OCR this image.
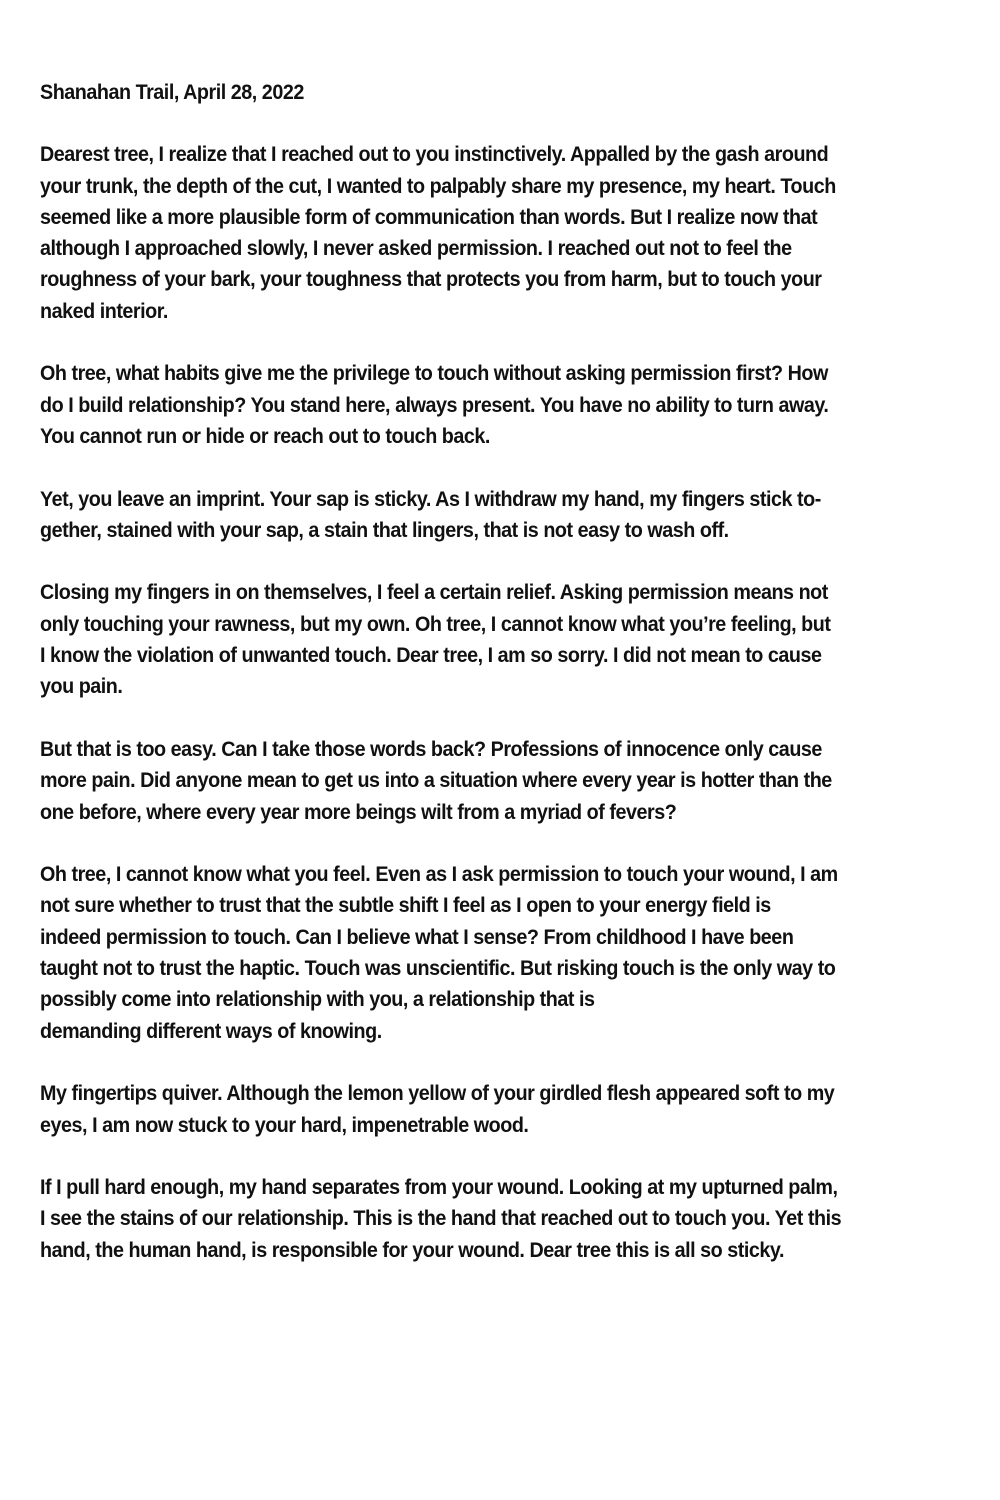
Shanahan Trail, April 28, 2022
Dearest tree, I realize that I reached out to you instinctively. Appalled by the gash around
your trunk, the depth of the cut, I wanted to palpably share my presence, my heart. Touch
seemed like a more plausible form of communication than words. But I realize now that
although I approached slowly, I never asked permission. I reached out not to feel the
roughness of your bark, your toughness that protects you from harm, but to touch your
naked interior.
Oh tree, what habits give me the privilege to touch without asking permission first? How
do I build relationship? You stand here, always present. You have no ability to turn away.
You cannot run or hide or reach out to touch back.
Yet, you leave an imprint. Your sap is sticky. As I withdraw my hand, my fingers stick to-
gether, stained with your sap, a stain that lingers, that is not easy to wash off.
Closing my fingers in on themselves, I feel a certain relief. Asking permission means not
only touching your rawness, but my own. Oh tree, I cannot know what you’re feeling, but
I know the violation of unwanted touch. Dear tree, I am so sorry. I did not mean to cause
you pain.
But that is too easy. Can I take those words back? Professions of innocence only cause
more pain. Did anyone mean to get us into a situation where every year is hotter than the
one before, where every year more beings wilt from a myriad of fevers?
Oh tree, I cannot know what you feel. Even as I ask permission to touch your wound, I am
not sure whether to trust that the subtle shift I feel as I open to your energy field is
indeed permission to touch. Can I believe what I sense? From childhood I have been
taught not to trust the haptic. Touch was unscientific. But risking touch is the only way to
possibly come into relationship with you, a relationship that is
demanding different ways of knowing.
My fingertips quiver. Although the lemon yellow of your girdled flesh appeared soft to my
eyes, I am now stuck to your hard, impenetrable wood.
If I pull hard enough, my hand separates from your wound. Looking at my upturned palm,
I see the stains of our relationship. This is the hand that reached out to touch you. Yet this
hand, the human hand, is responsible for your wound. Dear tree this is all so sticky.
